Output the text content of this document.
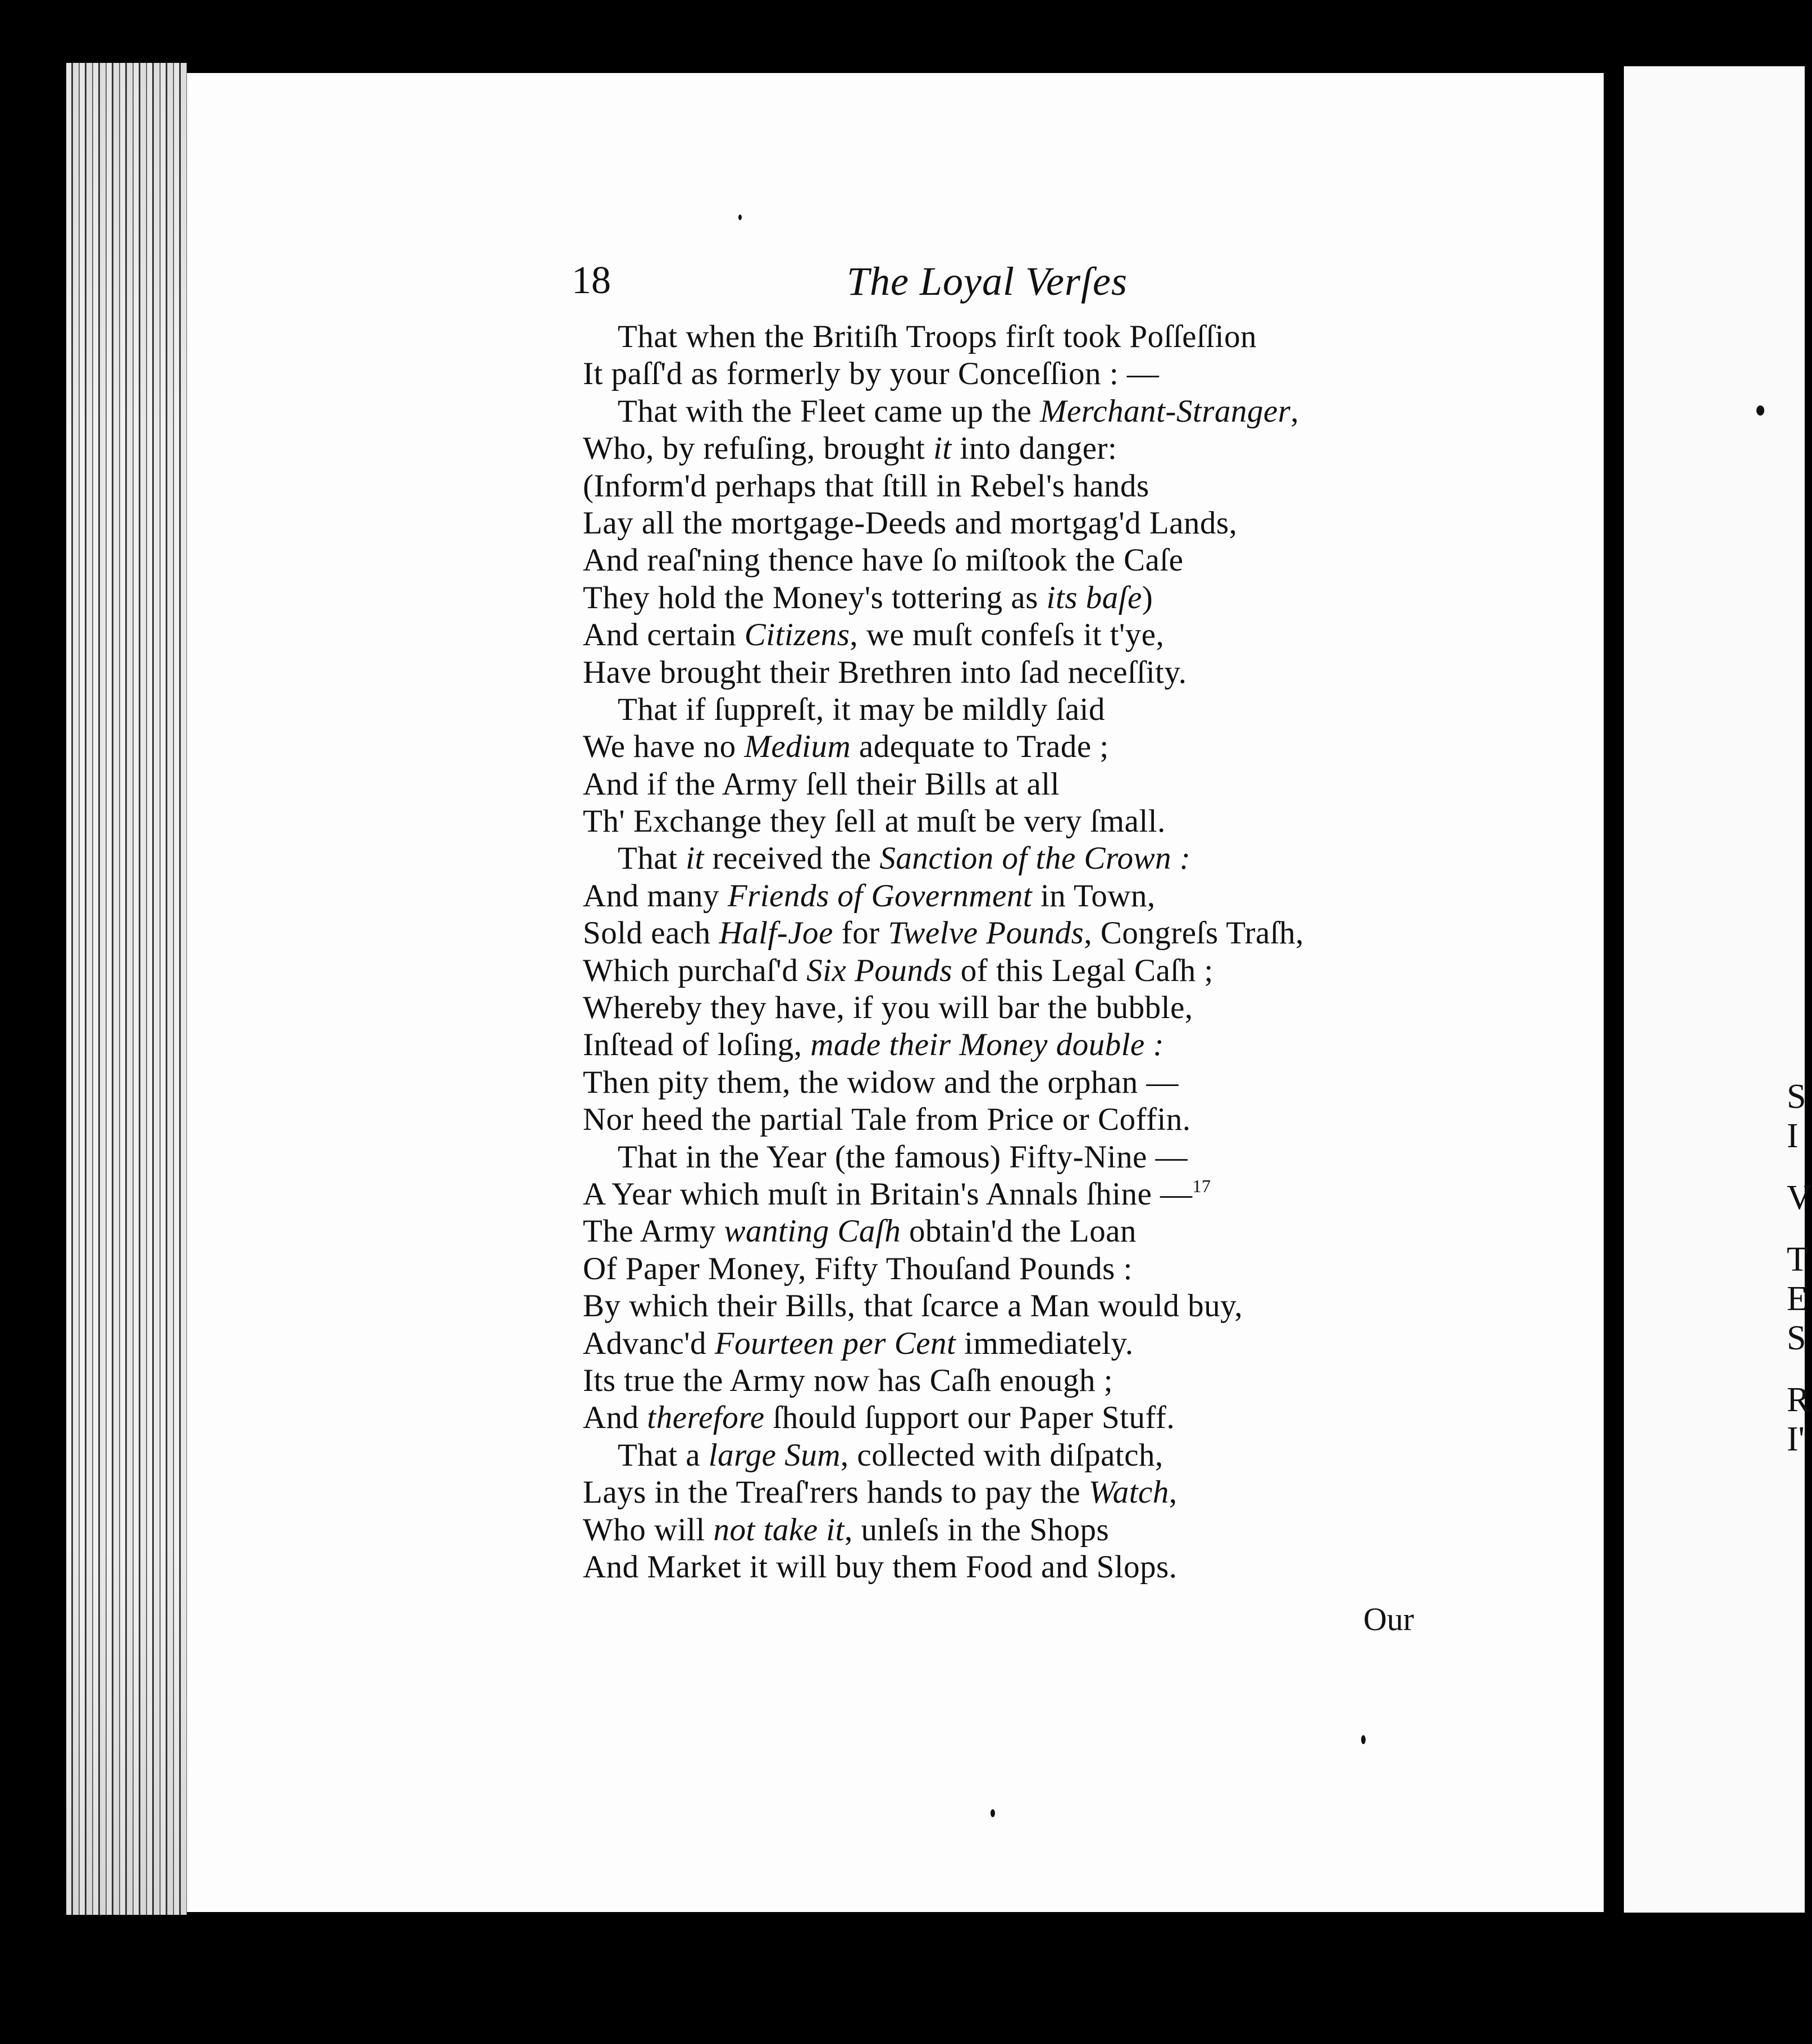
S
I
V
T
E
S
R
I'
18	The Loyal Verſes
That when the Britiſh Troops firſt took Poſſeſſion
It paſſ'd as formerly by your Conceſſion : —
That with the Fleet came up the Merchant-Stranger,
Who, by refuſing, brought it into danger:
(Inform'd perhaps that ſtill in Rebel's hands
Lay all the mortgage-Deeds and mortgag'd Lands,
And reaſ'ning thence have ſo miſtook the Caſe
They hold the Money's tottering as its baſe)
And certain Citizens, we muſt confeſs it t'ye,
Have brought their Brethren into ſad neceſſity.
That if ſuppreſt, it may be mildly ſaid
We have no Medium adequate to Trade ;
And if the Army ſell their Bills at all
Th' Exchange they ſell at muſt be very ſmall.
That it received the Sanction of the Crown :
And many Friends of Government in Town,
Sold each Half-Joe for Twelve Pounds, Congreſs Traſh,
Which purchaſ'd Six Pounds of this Legal Caſh ;
Whereby they have, if you will bar the bubble,
Inſtead of loſing, made their Money double :
Then pity them, the widow and the orphan —
Nor heed the partial Tale from Price or Coffin.
That in the Year (the famous) Fifty-Nine —
A Year which muſt in Britain's Annals ſhine —$^{17}$
The Army wanting Caſh obtain'd the Loan
Of Paper Money, Fifty Thouſand Pounds :
By which their Bills, that ſcarce a Man would buy,
Advanc'd Fourteen per Cent immediately.
Its true the Army now has Caſh enough ;
And therefore ſhould ſupport our Paper Stuff.
That a large Sum, collected with diſpatch,
Lays in the Treaſ'rers hands to pay the Watch,
Who will not take it, unleſs in the Shops
And Market it will buy them Food and Slops.
Our
